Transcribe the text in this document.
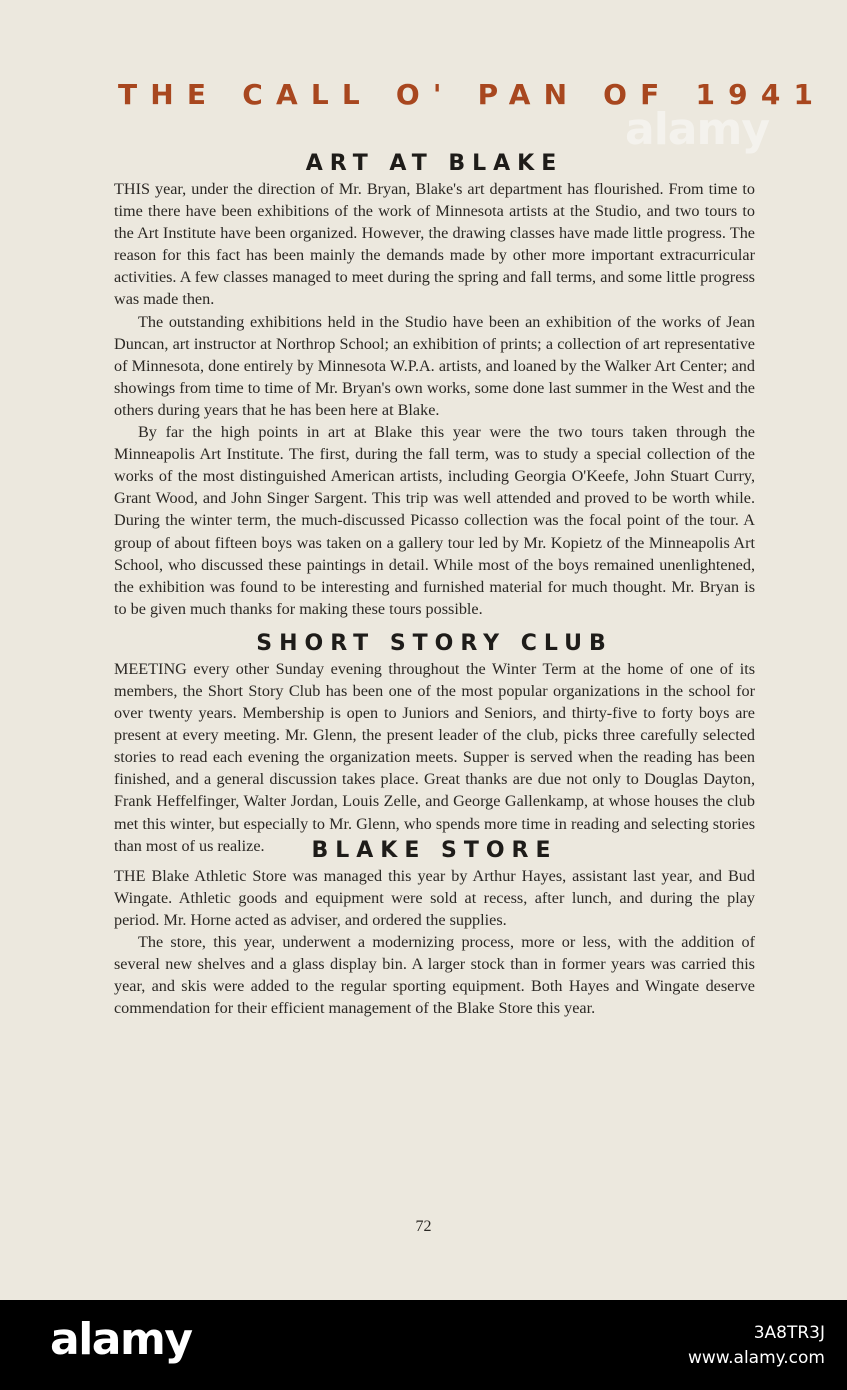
THE CALL O' PAN OF 1941
alamy
ART AT BLAKE

THIS year, under the direction of Mr. Bryan, Blake's art department has flourished. From time to time there have been exhibitions of the work of Minnesota artists at the Studio, and two tours to the Art Institute have been organized. However, the drawing classes have made little progress. The reason for this fact has been mainly the demands made by other more important extracurricular activities. A few classes managed to meet during the spring and fall terms, and some little progress was made then.

The outstanding exhibitions held in the Studio have been an exhibition of the works of Jean Duncan, art instructor at Northrop School; an exhibition of prints; a collection of art representative of Minnesota, done entirely by Minnesota W.P.A. artists, and loaned by the Walker Art Center; and showings from time to time of Mr. Bryan's own works, some done last summer in the West and the others during years that he has been here at Blake.

By far the high points in art at Blake this year were the two tours taken through the Minneapolis Art Institute. The first, during the fall term, was to study a special collection of the works of the most distinguished American artists, including Georgia O'Keefe, John Stuart Curry, Grant Wood, and John Singer Sargent. This trip was well attended and proved to be worth while. During the winter term, the much-discussed Picasso collection was the focal point of the tour. A group of about fifteen boys was taken on a gallery tour led by Mr. Kopietz of the Minneapolis Art School, who discussed these paintings in detail. While most of the boys remained unenlightened, the exhibition was found to be interesting and furnished material for much thought. Mr. Bryan is to be given much thanks for making these tours possible.

SHORT STORY CLUB

MEETING every other Sunday evening throughout the Winter Term at the home of one of its members, the Short Story Club has been one of the most popular organizations in the school for over twenty years. Membership is open to Juniors and Seniors, and thirty-five to forty boys are present at every meeting. Mr. Glenn, the present leader of the club, picks three carefully selected stories to read each evening the organization meets. Supper is served when the reading has been finished, and a general discussion takes place. Great thanks are due not only to Douglas Dayton, Frank Heffelfinger, Walter Jordan, Louis Zelle, and George Gallenkamp, at whose houses the club met this winter, but especially to Mr. Glenn, who spends more time in reading and selecting stories than most of us realize.	BLAKE STORE

THE Blake Athletic Store was managed this year by Arthur Hayes, assistant last year, and Bud Wingate. Athletic goods and equipment were sold at recess, after lunch, and during the play period. Mr. Horne acted as adviser, and ordered the supplies.

The store, this year, underwent a modernizing process, more or less, with the addition of several new shelves and a glass display bin. A larger stock than in former years was carried this year, and skis were added to the regular sporting equipment. Both Hayes and Wingate deserve commendation for their efficient management of the Blake Store this year.

72
alamy	3A8TR3J
www.alamy.com
